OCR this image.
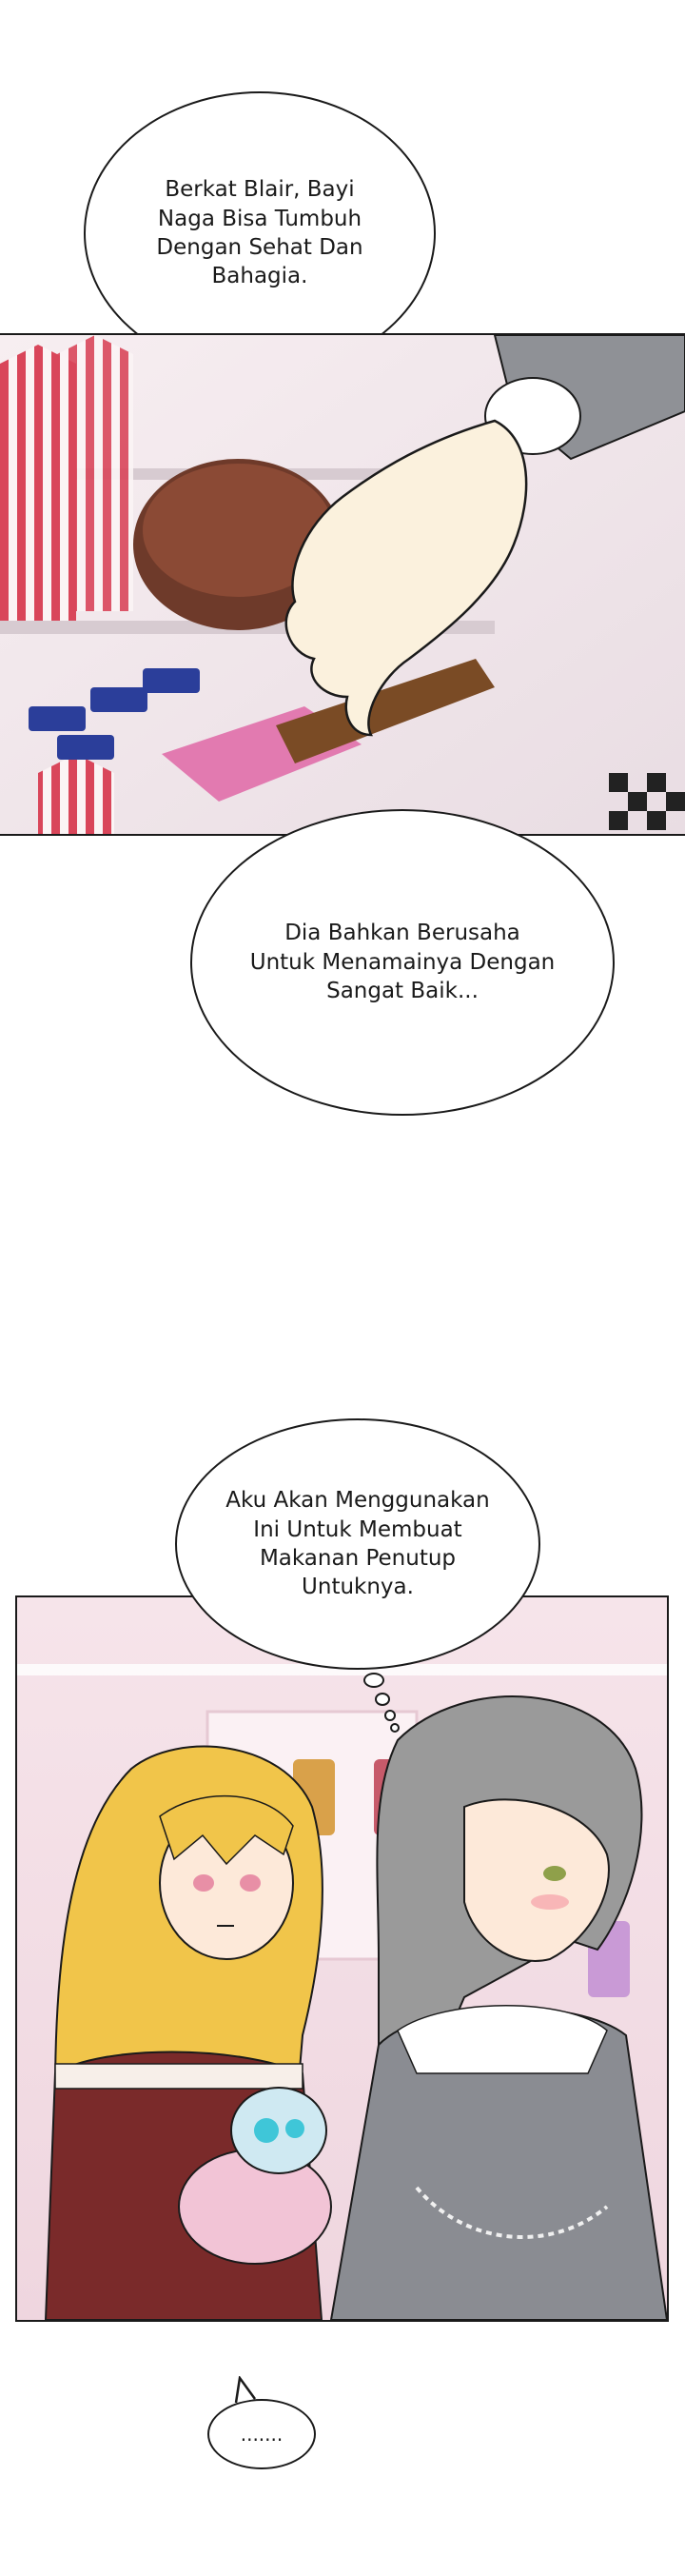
Berkat Blair, Bayi
Naga Bisa Tumbuh
Dengan Sehat Dan
Bahagia.
Dia Bahkan Berusaha
Untuk Menamainya Dengan
Sangat Baik...
Aku Akan Menggunakan
Ini Untuk Membuat
Makanan Penutup
Untuknya.
.......
